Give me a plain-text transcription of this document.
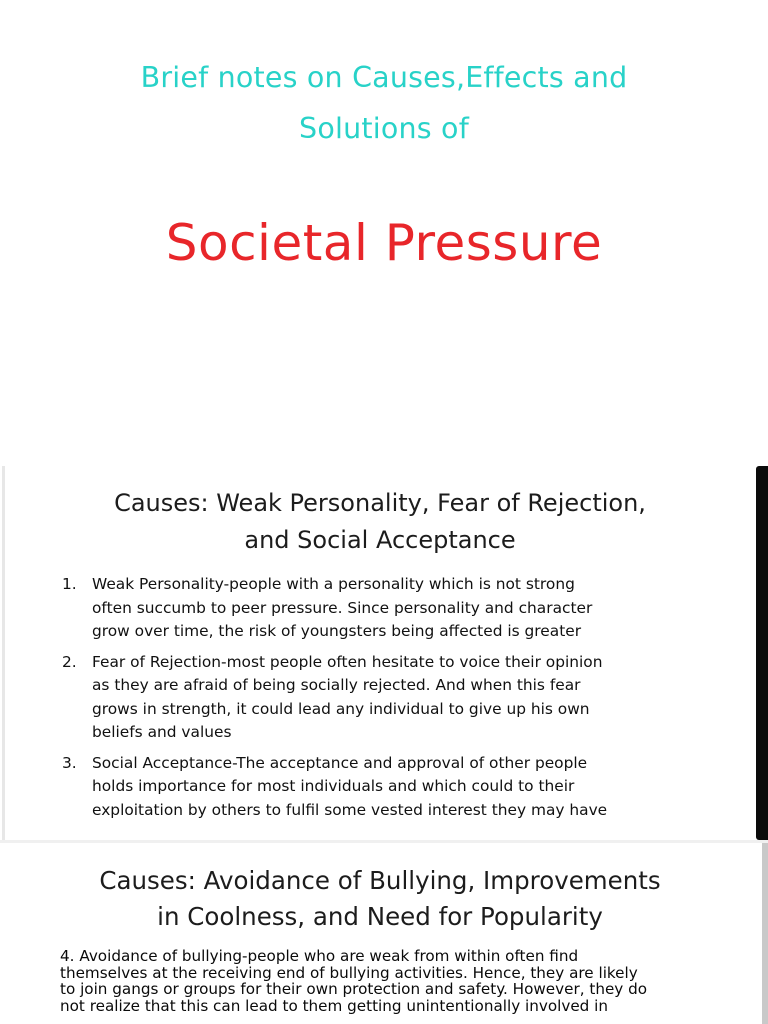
Brief notes on Causes,Effects and
Solutions of
Societal Pressure
Causes: Weak Personality, Fear of Rejection,
and Social Acceptance
1. Weak Personality-people with a personality which is not strong
often succumb to peer pressure. Since personality and character
grow over time, the risk of youngsters being affected is greater
2. Fear of Rejection-most people often hesitate to voice their opinion
as they are afraid of being socially rejected. And when this fear
grows in strength, it could lead any individual to give up his own
beliefs and values
3. Social Acceptance-The acceptance and approval of other people
holds importance for most individuals and which could to their
exploitation by others to fulfil some vested interest they may have
Causes: Avoidance of Bullying, Improvements
in Coolness, and Need for Popularity
4. Avoidance of bullying-people who are weak from within often find
themselves at the receiving end of bullying activities. Hence, they are likely
to join gangs or groups for their own protection and safety. However, they do
not realize that this can lead to them getting unintentionally involved in
